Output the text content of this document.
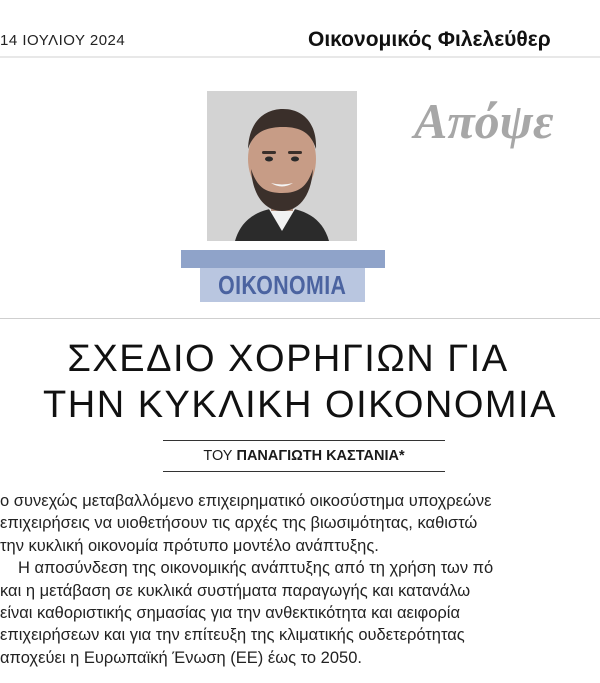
14 ΙΟΥΛΙΟΥ 2024	Οικονομικός Φιλελεύθερ
Απόψε
ΟΙΚΟΝΟΜΙΑ
ΣΧΕΔΙΟ ΧΟΡΗΓΙΩΝ ΓΙΑ
ΤΗΝ ΚΥΚΛΙΚΗ ΟΙΚΟΝΟΜΙΑ
ΤΟΥ ΠΑΝΑΓΙΩΤΗ ΚΑΣΤΑΝΙΑ*
ο συνεχώς μεταβαλλόμενο επιχειρηματικό οικοσύστημα υποχρεώνε
επιχειρήσεις να υιοθετήσουν τις αρχές της βιωσιμότητας, καθιστώ
την κυκλική οικονομία πρότυπο μοντέλο ανάπτυξης.
Η αποσύνδεση της οικονομικής ανάπτυξης από τη χρήση των πό
και η μετάβαση σε κυκλικά συστήματα παραγωγής και κατανάλω
είναι καθοριστικής σημασίας για την ανθεκτικότητα και αειφορία
επιχειρήσεων και για την επίτευξη της κλιματικής ουδετερότητας
αποχεύει η Ευρωπαϊκή Ένωση (ΕΕ) έως το 2050.
